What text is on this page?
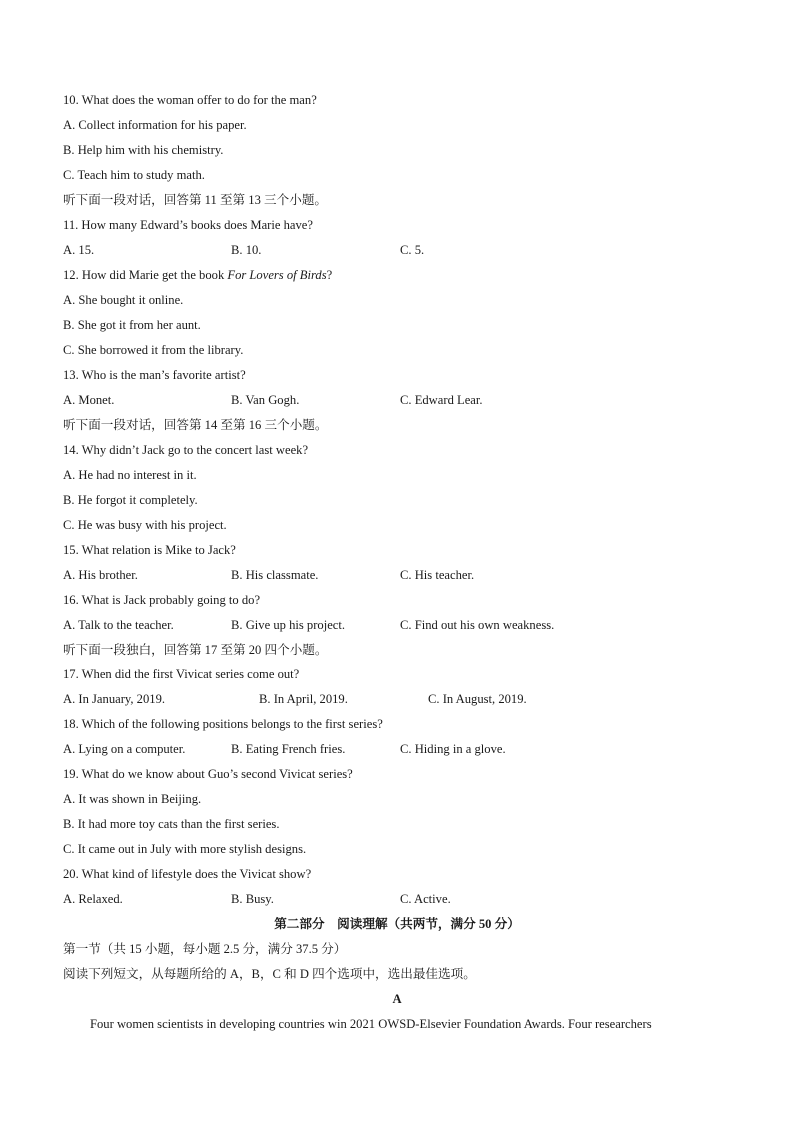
10. What does the woman offer to do for the man?
A. Collect information for his paper.
B. Help him with his chemistry.
C. Teach him to study math.
听下面一段对话，回答第 11 至第 13 三个小题。
11. How many Edward’s books does Marie have?
A. 15.	B. 10.	C. 5.
12. How did Marie get the book For Lovers of Birds?
A. She bought it online.
B. She got it from her aunt.
C. She borrowed it from the library.
13. Who is the man’s favorite artist?
A. Monet.	B. Van Gogh.	C. Edward Lear.
听下面一段对话，回答第 14 至第 16 三个小题。
14. Why didn’t Jack go to the concert last week?
A. He had no interest in it.
B. He forgot it completely.
C. He was busy with his project.
15. What relation is Mike to Jack?
A. His brother.	B. His classmate.	C. His teacher.
16. What is Jack probably going to do?
A. Talk to the teacher.	B. Give up his project.	C. Find out his own weakness.
听下面一段独白，回答第 17 至第 20 四个小题。
17. When did the first Vivicat series come out?
A. In January, 2019.	B. In April, 2019.	C. In August, 2019.
18. Which of the following positions belongs to the first series?
A. Lying on a computer.	B. Eating French fries.	C. Hiding in a glove.
19. What do we know about Guo’s second Vivicat series?
A. It was shown in Beijing.
B. It had more toy cats than the first series.
C. It came out in July with more stylish designs.
20. What kind of lifestyle does the Vivicat show?
A. Relaxed.	B. Busy.	C. Active.
第二部分　阅读理解（共两节，满分 50 分）
第一节（共 15 小题，每小题 2.5 分，满分 37.5 分）
阅读下列短文，从每题所给的 A，B，C 和 D 四个选项中，选出最佳选项。
A
Four women scientists in developing countries win 2021 OWSD-Elsevier Foundation Awards. Four researchers
